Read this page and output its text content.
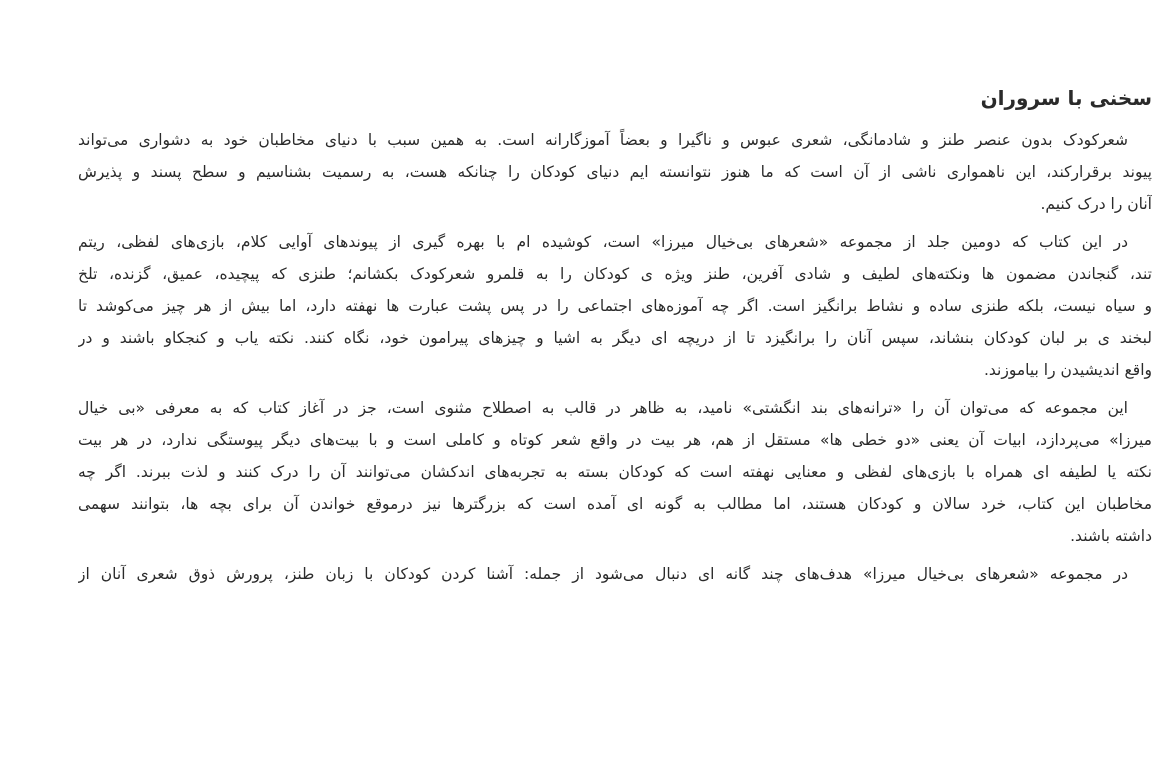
سخنی با سروران
شعرکودک بدون عنصر طنز و شادمانگی، شعری عبوس و ناگیرا و بعضاً آموزگارانه است. به همین سبب با دنیای مخاطبان خود به دشواری می‌تواند
پیوند برقرارکند، این ناهمواری ناشی از آن است که ما هنوز نتوانسته ایم دنیای کودکان را چنانکه هست، به رسمیت بشناسیم و سطح پسند و پذیرش
آنان را درک کنیم.
در این کتاب که دومین جلد از مجموعه «شعرهای بی‌خیال میرزا» است، کوشیده ام با بهره گیری از پیوندهای آوایی کلام، بازی‌های لفظی، ریتم
تند، گنجاندن مضمون ها ونکته‌های لطیف و شادی آفرین، طنز ویژه ی کودکان را به قلمرو شعرکودک بکشانم؛ طنزی که پیچیده، عمیق، گزنده، تلخ
و سیاه نیست، بلکه طنزی ساده و نشاط برانگیز است. اگر چه آموزه‌های اجتماعی را در پس پشت عبارت ها نهفته دارد، اما بیش از هر چیز می‌کوشد تا
لبخند ی بر لبان کودکان بنشاند، سپس آنان را برانگیزد تا از دریچه ای دیگر به اشیا و چیزهای پیرامون خود، نگاه کنند. نکته یاب و کنجکاو باشند و در
واقع اندیشیدن را بیاموزند.
این مجموعه که می‌توان آن را «ترانه‌های بند انگشتی» نامید، به ظاهر در قالب به اصطلاح مثنوی است، جز در آغاز کتاب که به معرفی «بی خیال
میرزا» می‌پردازد، ابیات آن یعنی «دو خطی ها» مستقل از هم، هر بیت در واقع شعر کوتاه و کاملی است و با بیت‌های دیگر پیوستگی ندارد، در هر بیت
نکته یا لطیفه ای همراه با بازی‌های لفظی و معنایی نهفته است که کودکان بسته به تجربه‌های اندکشان می‌توانند آن را درک کنند و لذت ببرند. اگر چه
مخاطبان این کتاب، خرد سالان و کودکان هستند، اما مطالب به گونه ای آمده است که بزرگترها نیز درموقع خواندن آن برای بچه ها، بتوانند سهمی
داشته باشند.
در مجموعه «شعرهای بی‌خیال میرزا» هدف‌های چند گانه ای دنبال می‌شود از جمله: آشنا کردن کودکان با زبان طنز، پرورش ذوق شعری آنان از
